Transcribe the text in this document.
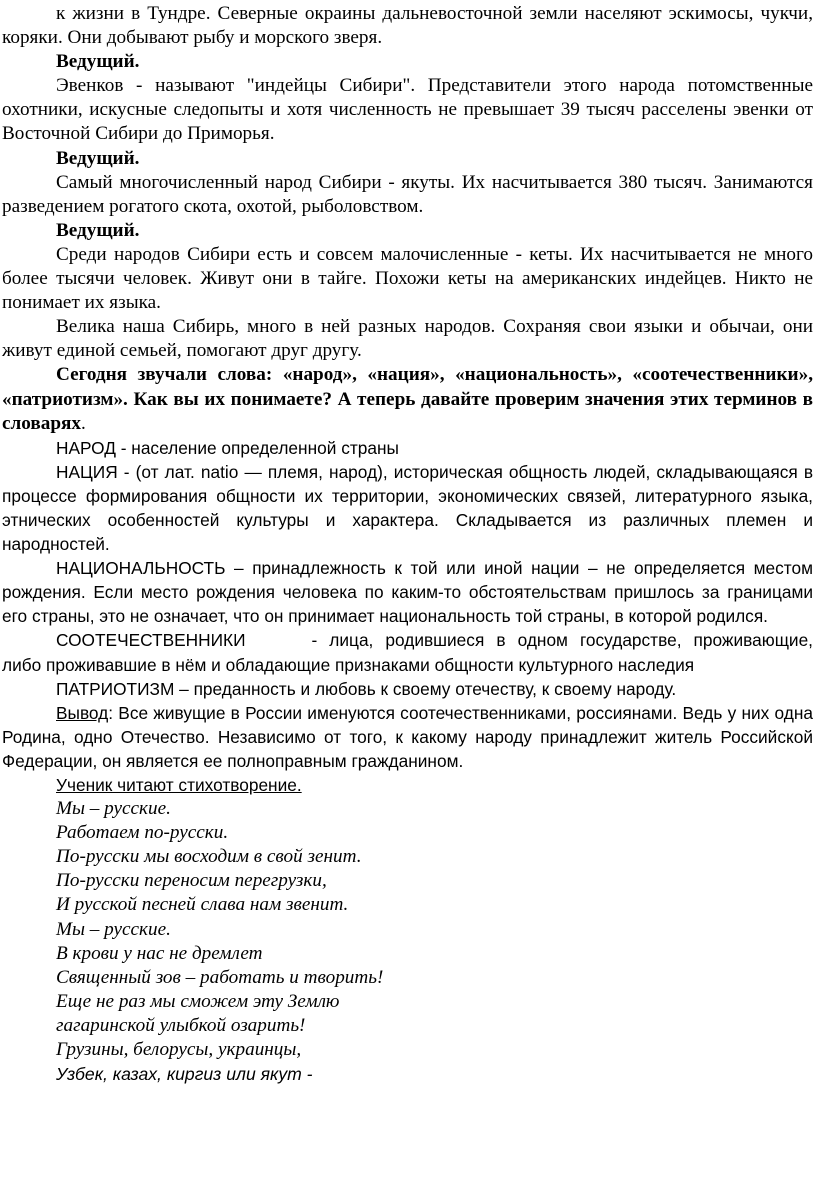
к жизни в Тундре. Северные окраины дальневосточной земли населяют эскимосы, чукчи, коряки. Они добывают рыбу и морского зверя.

Ведущий.

Эвенков - называют "индейцы Сибири". Представители этого народа потомственные охотники, искусные следопыты и хотя численность не превышает 39 тысяч расселены эвенки от Восточной Сибири до Приморья.

Ведущий.

Самый многочисленный народ Сибири - якуты. Их насчитывается 380 тысяч. Занимаются разведением рогатого скота, охотой, рыболовством.

Ведущий.

Среди народов Сибири есть и совсем малочисленные - кеты. Их насчитывается не много более тысячи человек. Живут они в тайге. Похожи кеты на американских индейцев. Никто не понимает их языка.

Велика наша Сибирь, много в ней разных народов. Сохраняя свои языки и обычаи, они живут единой семьей, помогают друг другу.

Сегодня звучали слова: «народ», «нация», «национальность», «соотечественники», «патриотизм». Как вы их понимаете? А теперь давайте проверим значения этих терминов в словарях.

НАРОД - население определенной страны

НАЦИЯ - (от лат. natio — племя, народ), историческая общность людей, складывающаяся в процессе формирования общности их территории, экономических связей, литературного языка, этнических особенностей культуры и характера. Складывается из различных племен и народностей.

НАЦИОНАЛЬНОСТЬ – принадлежность к той или иной нации – не определяется местом рождения. Если место рождения человека по каким-то обстоятельствам пришлось за границами его страны, это не означает, что он принимает национальность той страны, в которой родился.

СООТЕЧЕСТВЕННИКИ	- лица, родившиеся в одном государстве, проживающие, либо проживавшие в нём и обладающие признаками общности культурного наследия

ПАТРИОТИЗМ – преданность и любовь к своему отечеству, к своему народу.

Вывод: Все живущие в России именуются соотечественниками, россиянами. Ведь у них одна Родина, одно Отечество. Независимо от того, к какому народу принадлежит житель Российской Федерации, он является ее полноправным гражданином.

Ученик читают стихотворение.

Мы – русские.

Работаем по-русски.

По-русски мы восходим в свой зенит.

По-русски переносим перегрузки,

И русской песней слава нам звенит.

Мы – русские.

В крови у нас не дремлет

Священный зов – работать и творить!

Еще не раз мы сможем эту Землю

гагаринской улыбкой озарить!

Грузины, белорусы, украинцы,

Узбек, казах, киргиз или якут -
